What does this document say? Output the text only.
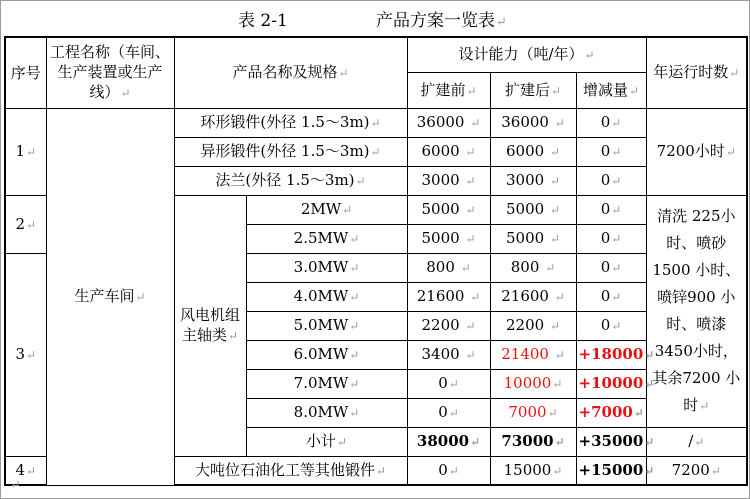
表 2-1	产品方案一览表↵
序号	工程名称（车间、生产装置或生产线）↵	产品名称及规格↵		设计能力（吨/年）↵			年运行时数↵
				扩建前↵	扩建后↵	增减量↵	
1↵	生产车间↵	环形锻件(外径 1.5～3m)↵		36000 ↵	36000 ↵	0↵	7200小时↵
		异形锻件(外径 1.5～3m)↵		6000 ↵	6000 ↵	0↵	
		法兰(外径 1.5～3m)↵		3000 ↵	3000 ↵	0↵	
2↵		风电机组主轴类↵	2MW↵	5000 ↵	5000 ↵	0↵	清洗 225小时、喷砂1500 小时、喷锌900 小时、喷漆 3450小时，其余7200 小时↵
			2.5MW↵	5000 ↵	5000 ↵	0↵	
3↵			3.0MW↵	800 ↵	800 ↵	0↵	
			4.0MW↵	21600 ↵	21600 ↵	0↵	
			5.0MW↵	2200 ↵	2200 ↵	0↵	
			6.0MW↵	3400 ↵	21400 ↵	+18000↵	
			7.0MW↵	0↵	10000↵	+10000↵	
			8.0MW↵	0↵	7000↵	+7000↵	
			小计↵	38000↵	73000↵	+35000↵	/↵
4↵		大吨位石油化工等其他锻件↵		0↵	15000↵	+15000↵	7200↵
↵
